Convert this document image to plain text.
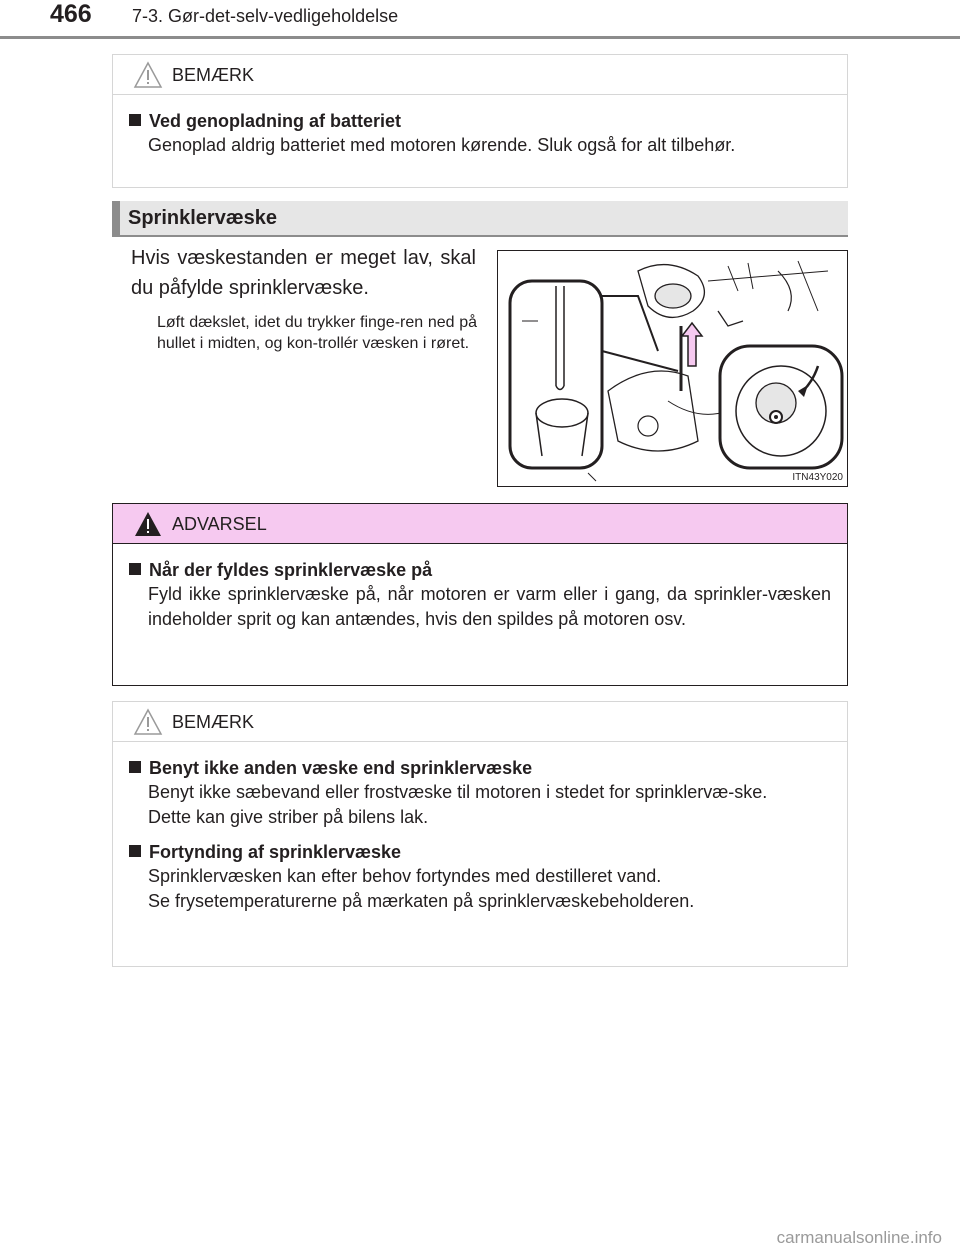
466 7-3. Gør-det-selv-vedligeholdelse
BEMÆRK
Ved genopladning af batteriet
Genoplad aldrig batteriet med motoren kørende. Sluk også for alt tilbehør.
Sprinklervæske
Hvis væskestanden er meget lav, skal du påfylde sprinklervæske.
Løft dækslet, idet du trykker finge-ren ned på hullet i midten, og kon-trollér væsken i røret.
ITN43Y020
ADVARSEL
Når der fyldes sprinklervæske på
Fyld ikke sprinklervæske på, når motoren er varm eller i gang, da sprinkler-væsken indeholder sprit og kan antændes, hvis den spildes på motoren osv.
BEMÆRK
Benyt ikke anden væske end sprinklervæske
Benyt ikke sæbevand eller frostvæske til motoren i stedet for sprinklervæ-ske.
Dette kan give striber på bilens lak.
Fortynding af sprinklervæske
Sprinklervæsken kan efter behov fortyndes med destilleret vand.
Se frysetemperaturerne på mærkaten på sprinklervæskebeholderen.
carmanualsonline.info
